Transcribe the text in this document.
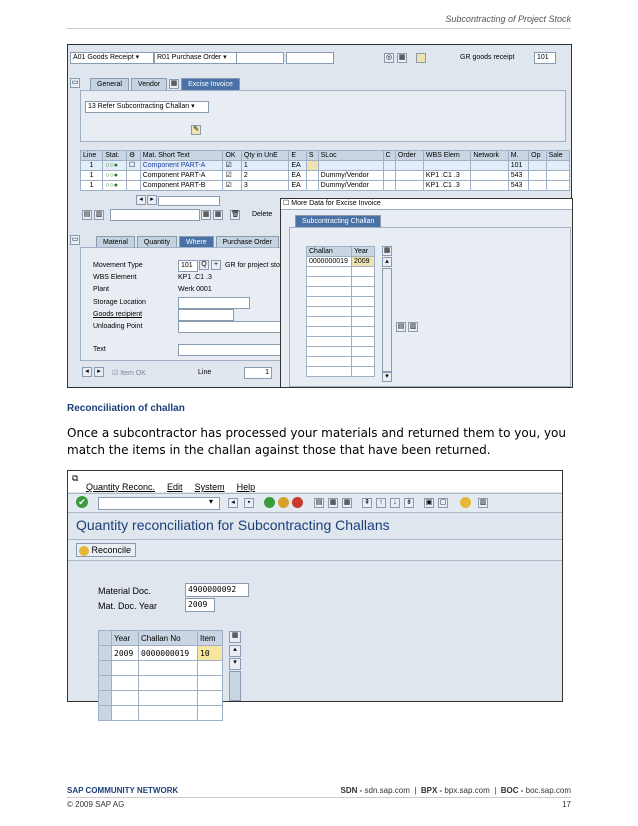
Subcontracting of Project Stock
A01 Goods Receipt ▾	R01 Purchase Order ▾	◎ ▦	GR goods receipt	101
▭	General	Vendor	▦	Excise Invoice
13 Refer Subcontracting Challan ▾
✎
Line	Stat.	⚙	Mat. Short Text	OK	Qty in UnE	E	S	SLoc	C	Order	WBS Elem	Network	M.	Op	Sale
1	○○●	☐	Component PART-A	☑	1	EA							101		
1	○○●		Component PART-A	☑	2	EA		Dummy/Vendor			KP1 .C1 .3		543		
1	○○●		Component PART-B	☑	3	EA		Dummy/Vendor			KP1 .C1 .3		543		
◂	▸
▤ ▥	▦ ▦ 🗑 Delete
▭	Material	Quantity	Where	Purchase Order
Movement Type	101	Q	+ GR for project sto
WBS Element	KP1 .C1 .3
Plant	Werk 0001
Storage Location
Goods recipient
Unloading Point
Text
◂	▸	☑ Item OK	Line	1
☐ More Data for Excise Invoice
Subcontracting Challan
Challan	Year
0000000019	2009

▦
▴
▾
▤ ▥
Reconciliation of challan
Once a subcontractor has processed your materials and returned them to you, you match the items in the challan against those that have been returned.
⧉
Quantity Reconc. Edit System Help
✔	▾	◂	▪	▤ ▦ ▦ ⇞	↑	↓	⇟ ▣ ▢	▥
Quantity reconciliation for Subcontracting Challans
Reconcile
Material Doc.	4900000092
Mat. Doc. Year	2009
	Year	Challan No	Item
	2009	0000000019	10

▦
▴
▾
SAP COMMUNITY NETWORK	SDN - sdn.sap.com  |  BPX - bpx.sap.com  |  BOC - boc.sap.com
© 2009 SAP AG	17
